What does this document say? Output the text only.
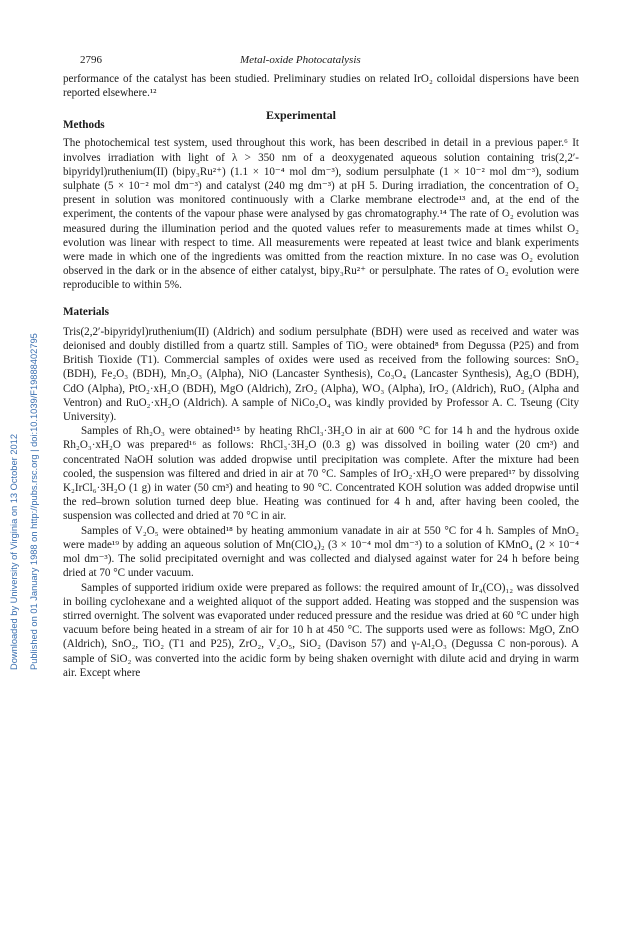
Downloaded by University of Virginia on 13 October 2012 Published on 01 January 1988 on http://pubs.rsc.org | doi:10.1039/F19888402795
2796	Metal-oxide Photocatalysis

performance of the catalyst has been studied. Preliminary studies on related IrO₂ colloidal dispersions have been reported elsewhere.¹²

Methods
Experimental

The photochemical test system, used throughout this work, has been described in detail in a previous paper.⁶ It involves irradiation with light of λ > 350 nm of a deoxygenated aqueous solution containing tris(2,2′-bipyridyl)ruthenium(II) (bipy₃Ru²⁺) (1.1 × 10⁻⁴ mol dm⁻³), sodium persulphate (1 × 10⁻² mol dm⁻³), sodium sulphate (5 × 10⁻² mol dm⁻³) and catalyst (240 mg dm⁻³) at pH 5. During irradiation, the concentration of O₂ present in solution was monitored continuously with a Clarke membrane electrode¹³ and, at the end of the experiment, the contents of the vapour phase were analysed by gas chromatography.¹⁴ The rate of O₂ evolution was measured during the illumination period and the quoted values refer to measurements made at times whilst O₂ evolution was linear with respect to time. All measurements were repeated at least twice and blank experiments were made in which one of the ingredients was omitted from the reaction mixture. In no case was O₂ evolution observed in the dark or in the absence of either catalyst, bipy₃Ru²⁺ or persulphate. The rates of O₂ evolution were reproducible to within 5%.

Materials

Tris(2,2′-bipyridyl)ruthenium(II) (Aldrich) and sodium persulphate (BDH) were used as received and water was deionised and doubly distilled from a quartz still. Samples of TiO₂ were obtained⁸ from Degussa (P25) and from British Tioxide (T1). Commercial samples of oxides were used as received from the following sources: SnO₂ (BDH), Fe₂O₃ (BDH), Mn₂O₃ (Alpha), NiO (Lancaster Synthesis), Co₃O₄ (Lancaster Synthesis), Ag₂O (BDH), CdO (Alpha), PtO₂·xH₂O (BDH), MgO (Aldrich), ZrO₂ (Alpha), WO₃ (Alpha), IrO₂ (Aldrich), RuO₂ (Alpha and Ventron) and RuO₂·xH₂O (Aldrich). A sample of NiCo₂O₄ was kindly provided by Professor A. C. Tseung (City University).

Samples of Rh₂O₃ were obtained¹⁵ by heating RhCl₃·3H₂O in air at 600 °C for 14 h and the hydrous oxide Rh₂O₃·xH₂O was prepared¹⁶ as follows: RhCl₃·3H₂O (0.3 g) was dissolved in boiling water (20 cm³) and concentrated NaOH solution was added dropwise until precipitation was complete. After the mixture had been cooled, the suspension was filtered and dried in air at 70 °C. Samples of IrO₂·xH₂O were prepared¹⁷ by dissolving K₂IrCl₆·3H₂O (1 g) in water (50 cm³) and heating to 90 °C. Concentrated KOH solution was added dropwise until the red–brown solution turned deep blue. Heating was continued for 4 h and, after having been cooled, the suspension was collected and dried at 70 °C in air.

Samples of V₂O₅ were obtained¹⁸ by heating ammonium vanadate in air at 550 °C for 4 h. Samples of MnO₂ were made¹⁹ by adding an aqueous solution of Mn(ClO₄)₂ (3 × 10⁻⁴ mol dm⁻³) to a solution of KMnO₄ (2 × 10⁻⁴ mol dm⁻³). The solid precipitated overnight and was collected and dialysed against water for 24 h before being dried at 70 °C under vacuum.

Samples of supported iridium oxide were prepared as follows: the required amount of Ir₄(CO)₁₂ was dissolved in boiling cyclohexane and a weighted aliquot of the support added. Heating was stopped and the suspension was stirred overnight. The solvent was evaporated under reduced pressure and the residue was dried at 60 °C under high vacuum before being heated in a stream of air for 10 h at 450 °C. The supports used were as follows: MgO, ZnO (Aldrich), SnO₂, TiO₂ (T1 and P25), ZrO₂, V₂O₅, SiO₂ (Davison 57) and γ-Al₂O₃ (Degussa C non-porous). A sample of SiO₂ was converted into the acidic form by being shaken overnight with dilute acid and drying in warm air. Except where
